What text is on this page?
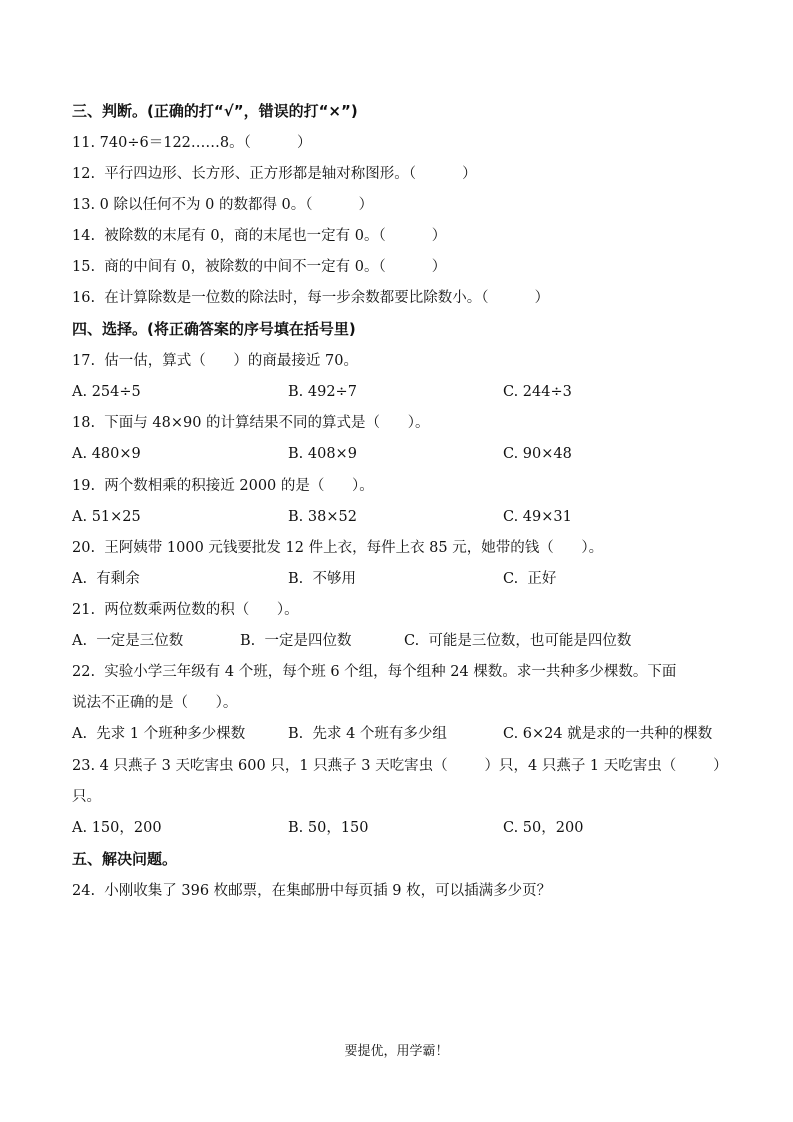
三、判断。(正确的打“√”，错误的打“×”)
11. 740÷6＝122……8。（          ）
12.  平行四边形、长方形、正方形都是轴对称图形。（          ）
13. 0 除以任何不为 0 的数都得 0。（          ）
14.  被除数的末尾有 0，商的末尾也一定有 0。（          ）
15.  商的中间有 0，被除数的中间不一定有 0。（          ）
16.  在计算除数是一位数的除法时，每一步余数都要比除数小。（          ）
四、选择。(将正确答案的序号填在括号里)
17.  估一估，算式（      ）的商最接近 70。
A. 254÷5	B. 492÷7	C. 244÷3
18.  下面与 48×90 的计算结果不同的算式是（      ）。
A. 480×9	B. 408×9	C. 90×48
19.  两个数相乘的积接近 2000 的是（      ）。
A. 51×25	B. 38×52	C. 49×31
20.  王阿姨带 1000 元钱要批发 12 件上衣，每件上衣 85 元，她带的钱（      ）。
A.  有剩余	B.  不够用	C.  正好
21.  两位数乘两位数的积（      ）。
A.  一定是三位数	B.  一定是四位数	C.  可能是三位数，也可能是四位数
22.  实验小学三年级有 4 个班，每个班 6 个组，每个组种 24 棵数。求一共种多少棵数。下面
说法不正确的是（      ）。
A.  先求 1 个班种多少棵数	B.  先求 4 个班有多少组	C. 6×24 就是求的一共种的棵数
23. 4 只燕子 3 天吃害虫 600 只，1 只燕子 3 天吃害虫（        ）只，4 只燕子 1 天吃害虫（        ）
只。
A. 150，200	B. 50，150	C. 50，200
五、解决问题。
24.  小刚收集了 396 枚邮票，在集邮册中每页插 9 枚，可以插满多少页？
要提优，用学霸！
